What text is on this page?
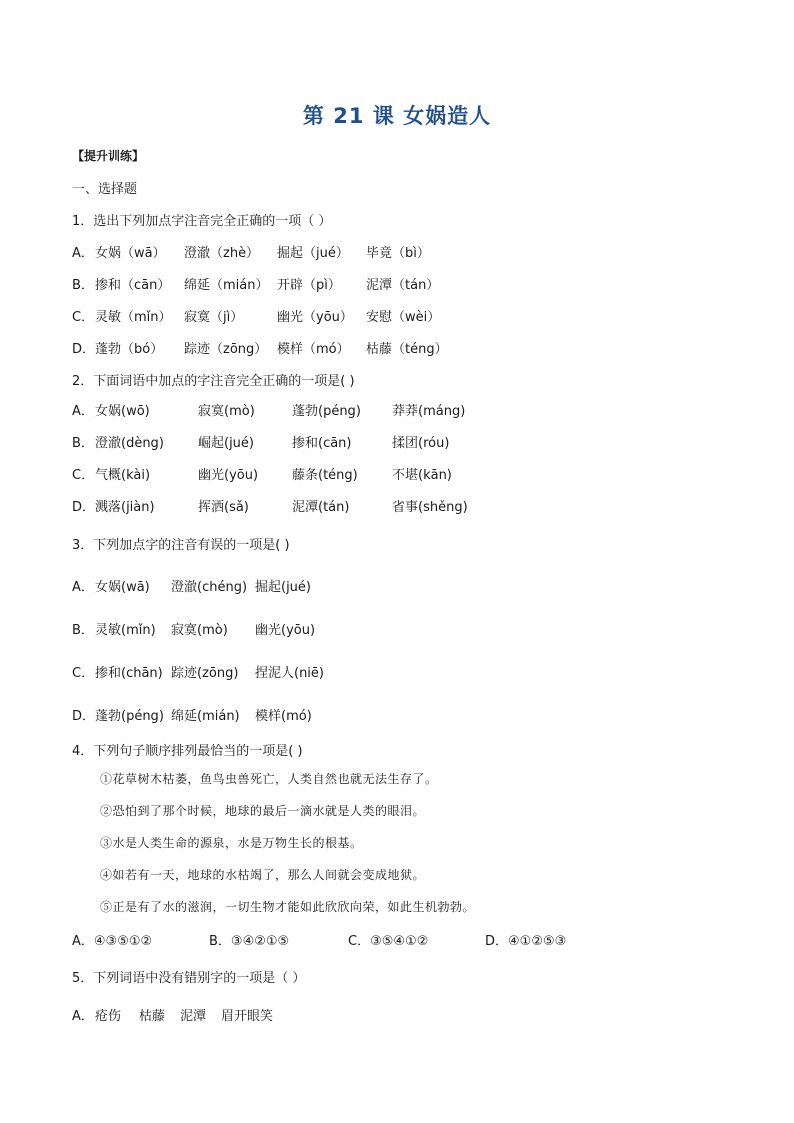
第 21 课 女娲造人
【提升训练】
一、选择题
1．选出下列加点字注音完全正确的一项（ ）
A． 女娲（wā） 澄澈（zhè） 掘起（jué） 毕竟（bì）
B． 掺和（cān） 绵延（mián） 开辟（pì） 泥潭（tán）
C． 灵敏（mǐn） 寂寞（jì）	幽光（yōu） 安慰（wèi）
D． 蓬勃（bó） 踪迹（zōng） 模样（mó） 枯藤（téng）
2．下面词语中加点的字注音完全正确的一项是( )
A． 女娲(wō)	寂寞(mò)	蓬勃(péng) 莽莽(máng)
B． 澄澈(dèng)	崛起(jué)	掺和(cān)	揉团(róu)
C． 气概(kài)	幽光(yōu)	藤条(téng)	不堪(kān)
D． 溅落(jiàn)	挥洒(sǎ)	泥潭(tán)	省事(shěng)
3．下列加点字的注音有误的一项是( )
A． 女娲(wā) 澄澈(chéng) 掘起(jué)
B． 灵敏(mǐn) 寂寞(mò) 幽光(yōu)
C． 掺和(chān) 踪迹(zōng) 捏泥人(niē)
D． 蓬勃(péng) 绵延(mián) 模样(mó)
4．下列句子顺序排列最恰当的一项是( )
①花草树木枯萎，鱼鸟虫兽死亡，人类自然也就无法生存了。
②恐怕到了那个时候，地球的最后一滴水就是人类的眼泪。
③水是人类生命的源泉，水是万物生长的根基。
④如若有一天，地球的水枯竭了，那么人间就会变成地狱。
⑤正是有了水的滋润，一切生物才能如此欣欣向荣，如此生机勃勃。
A．④③⑤①②	B．③④②①⑤	C．③⑤④①②	D．④①②⑤③
5．下列词语中没有错别字的一项是（ ）
A． 疮伤 枯藤 泥潭 眉开眼笑
